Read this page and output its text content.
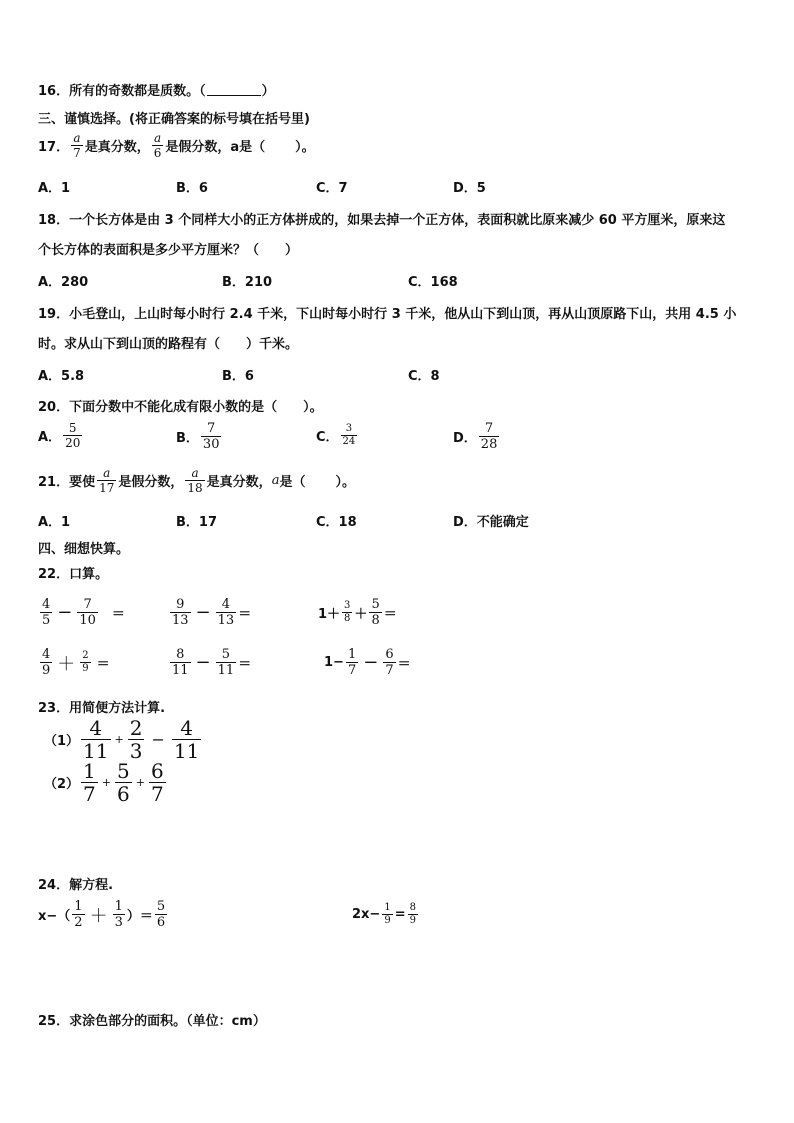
16．所有的奇数都是质数。（	）
三、谨慎选择。(将正确答案的标号填在括号里)
17． $\frac{a}{7}$ 是真分数， $\frac{a}{6}$ 是假分数，a是（ ）。
A．1	B．6	C．7	D．5
18．一个长方体是由 3 个同样大小的正方体拼成的，如果去掉一个正方体，表面积就比原来减少 60 平方厘米，原来这
个长方体的表面积是多少平方厘米？（　　）
A．280	B．210	C．168
19．小毛登山，上山时每小时行 2.4 千米，下山时每小时行 3 千米，他从山下到山顶，再从山顶原路下山，共用 4.5 小
时。求从山下到山顶的路程有（　　）千米。
A．5.8	B．6	C．8
20．下面分数中不能化成有限小数的是（　　）。
A． $\frac{5}{20}$	B． $\frac{7}{30}$	C． $\frac{3}{24}$	D． $\frac{7}{28}$
21．要使 $\frac{a}{17}$ 是假分数， $\frac{a}{18}$ 是真分数， a 是（ ）。
A．1	B．17	C．18	D．不能确定
四、细想快算。
22．口算。
$\frac{4}{5} - \frac{7}{10}$ ＝	$\frac{9}{13} - \frac{4}{13}$ ＝	$1+ \frac{3}{8} + \frac{5}{8}$ ＝
$\frac{4}{9} + \frac{2}{9}$ ＝	$\frac{8}{11} - \frac{5}{11}$ ＝	$1- \frac{1}{7} - \frac{6}{7}$ ＝
23．用简便方法计算.
$(1) \frac{4}{11} + \frac{2}{3} - \frac{4}{11}$
$(2) \frac{1}{7} + \frac{5}{6} + \frac{6}{7}$
24．解方程.
$x-( \frac{1}{2} + \frac{1}{3}$ ）＝ $\frac{5}{6}$	$2x- \frac{1}{9} = \frac{8}{9}$
25．求涂色部分的面积。（单位：cm）
